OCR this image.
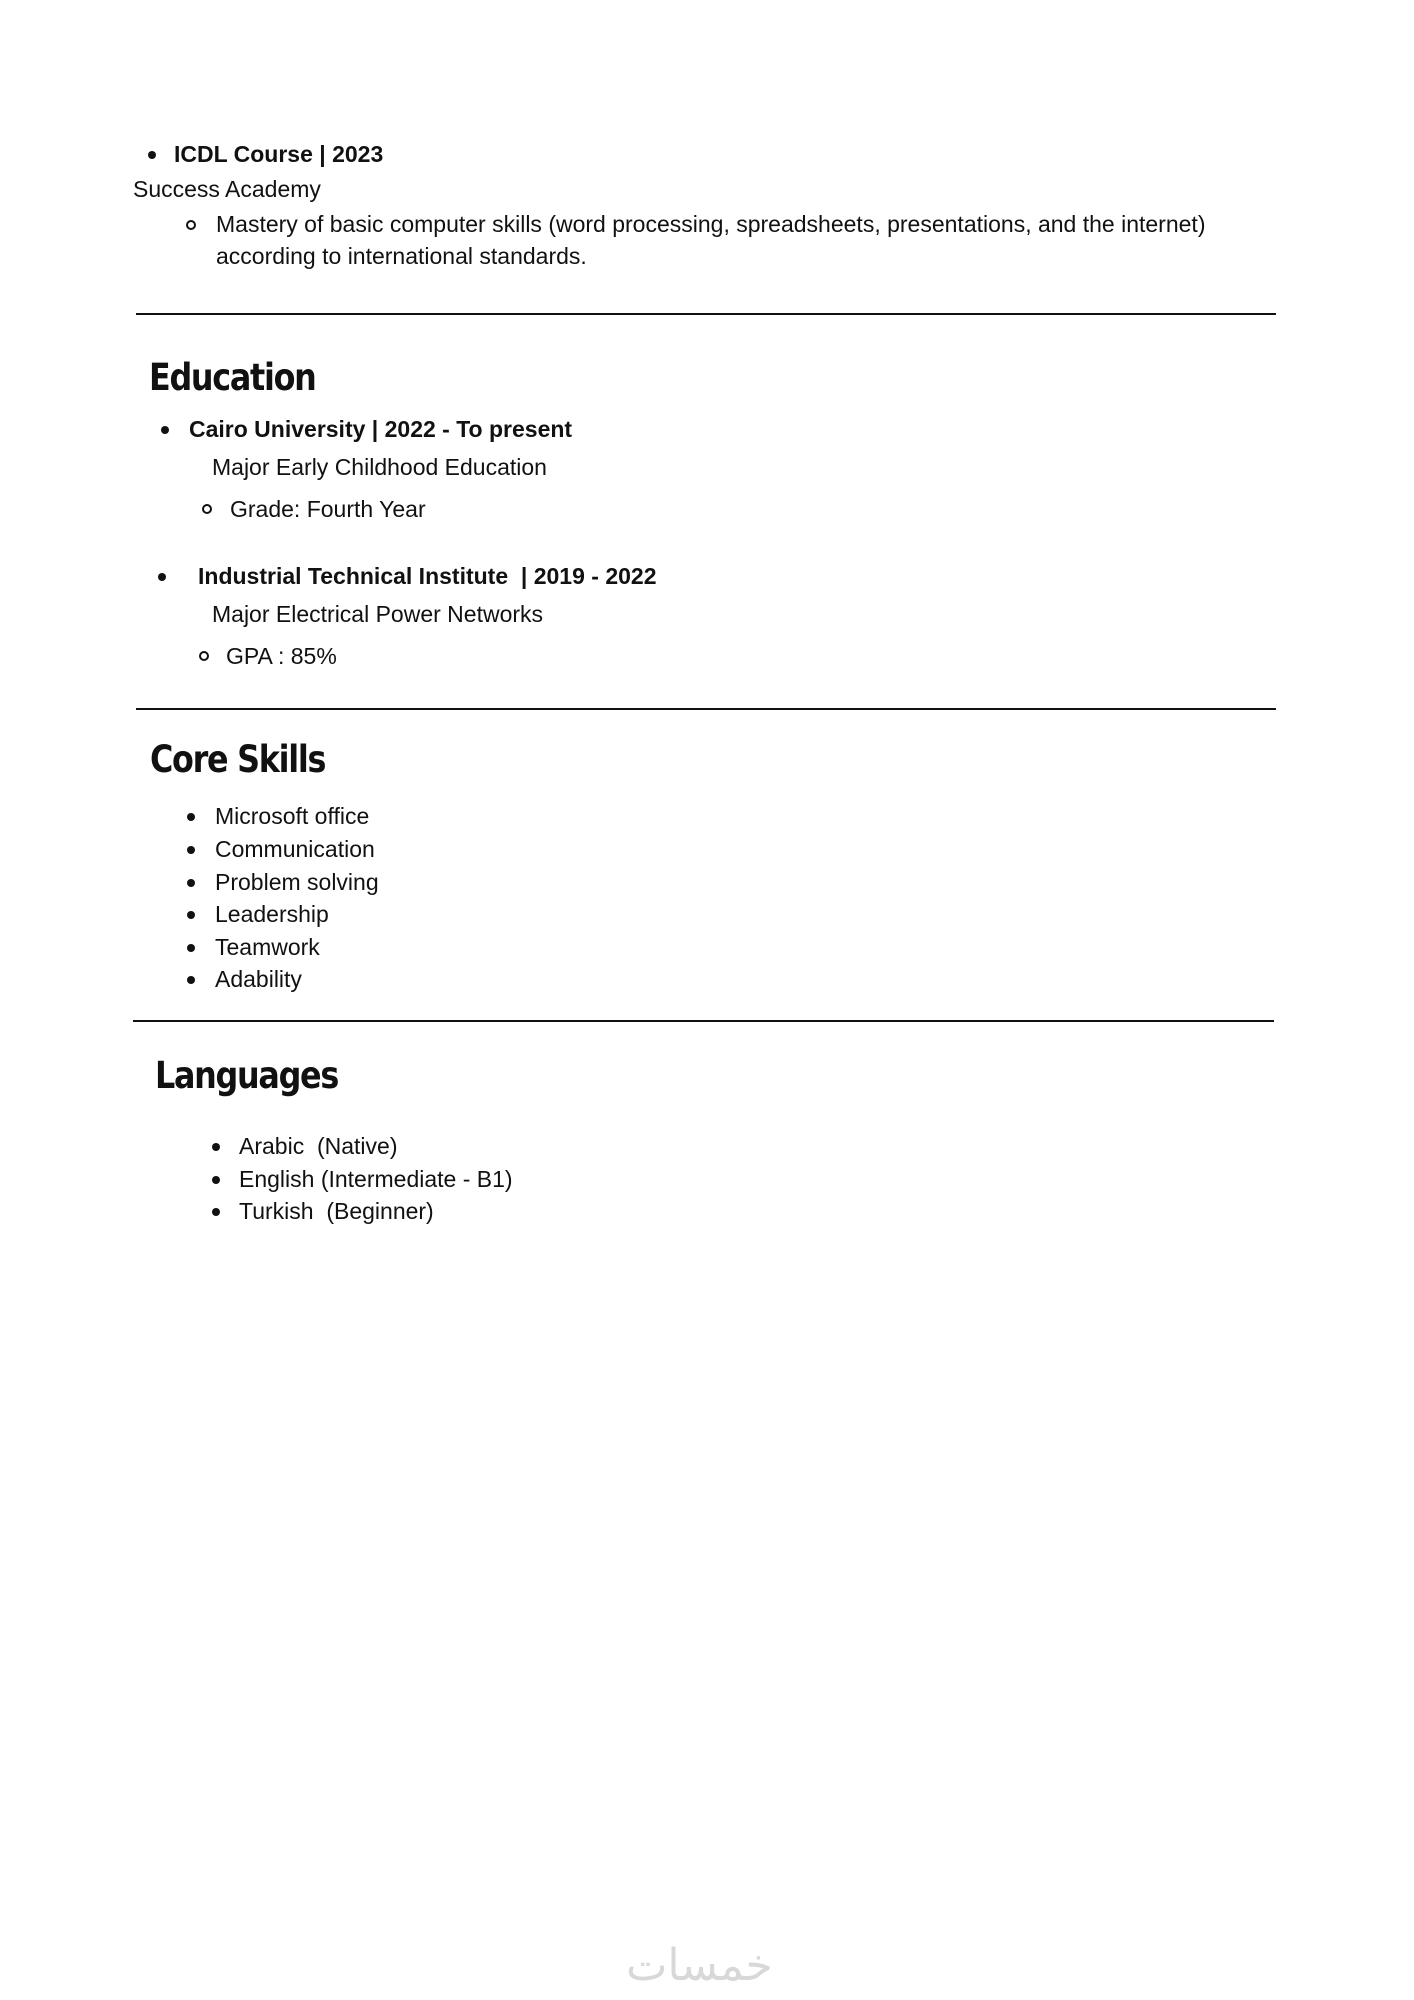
ICDL Course | 2023
Success Academy
Mastery of basic computer skills (word processing, spreadsheets, presentations, and the internet) according to international standards.
Education
Cairo University | 2022 - To present
Major Early Childhood Education
Grade: Fourth Year
Industrial Technical Institute  | 2019 - 2022
Major Electrical Power Networks
GPA : 85%
Core Skills
Microsoft office
Communication
Problem solving
Leadership
Teamwork
Adability
Languages
Arabic  (Native)
English (Intermediate - B1)
Turkish  (Beginner)
خمسات
